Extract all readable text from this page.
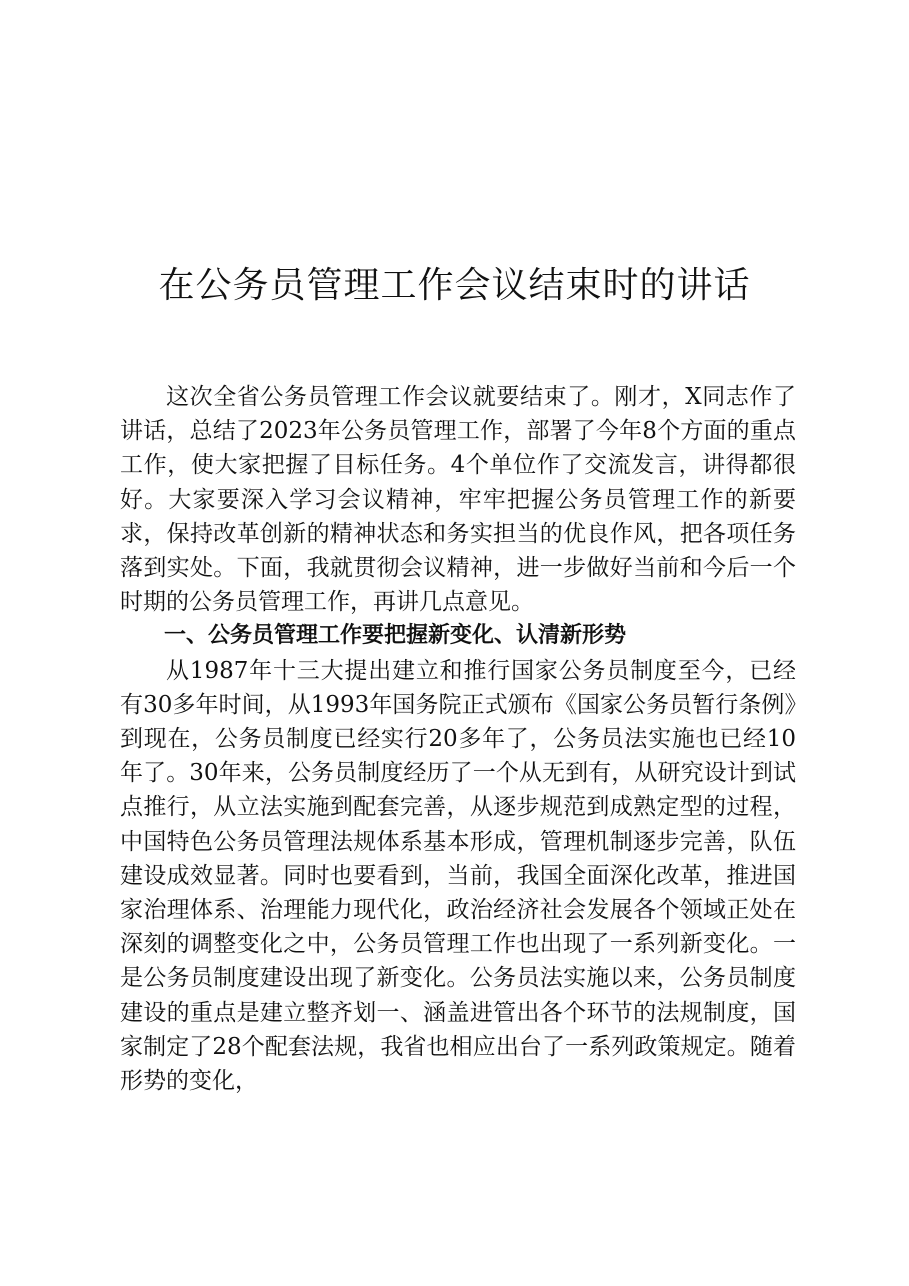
在公务员管理工作会议结束时的讲话

这次全省公务员管理工作会议就要结束了。刚才，X同志作了讲话，总结了2023年公务员管理工作，部署了今年8个方面的重点工作，使大家把握了目标任务。4个单位作了交流发言，讲得都很好。大家要深入学习会议精神，牢牢把握公务员管理工作的新要求，保持改革创新的精神状态和务实担当的优良作风，把各项任务落到实处。下面，我就贯彻会议精神，进一步做好当前和今后一个时期的公务员管理工作，再讲几点意见。

一、公务员管理工作要把握新变化、认清新形势

从1987年十三大提出建立和推行国家公务员制度至今，已经有30多年时间，从1993年国务院正式颁布《国家公务员暂行条例》到现在，公务员制度已经实行20多年了，公务员法实施也已经10年了。30年来，公务员制度经历了一个从无到有，从研究设计到试点推行，从立法实施到配套完善，从逐步规范到成熟定型的过程，中国特色公务员管理法规体系基本形成，管理机制逐步完善，队伍建设成效显著。同时也要看到，当前，我国全面深化改革，推进国家治理体系、治理能力现代化，政治经济社会发展各个领域正处在深刻的调整变化之中，公务员管理工作也出现了一系列新变化。一是公务员制度建设出现了新变化。公务员法实施以来，公务员制度建设的重点是建立整齐划一、涵盖进管出各个环节的法规制度，国家制定了28个配套法规，我省也相应出台了一系列政策规定。随着形势的变化，
